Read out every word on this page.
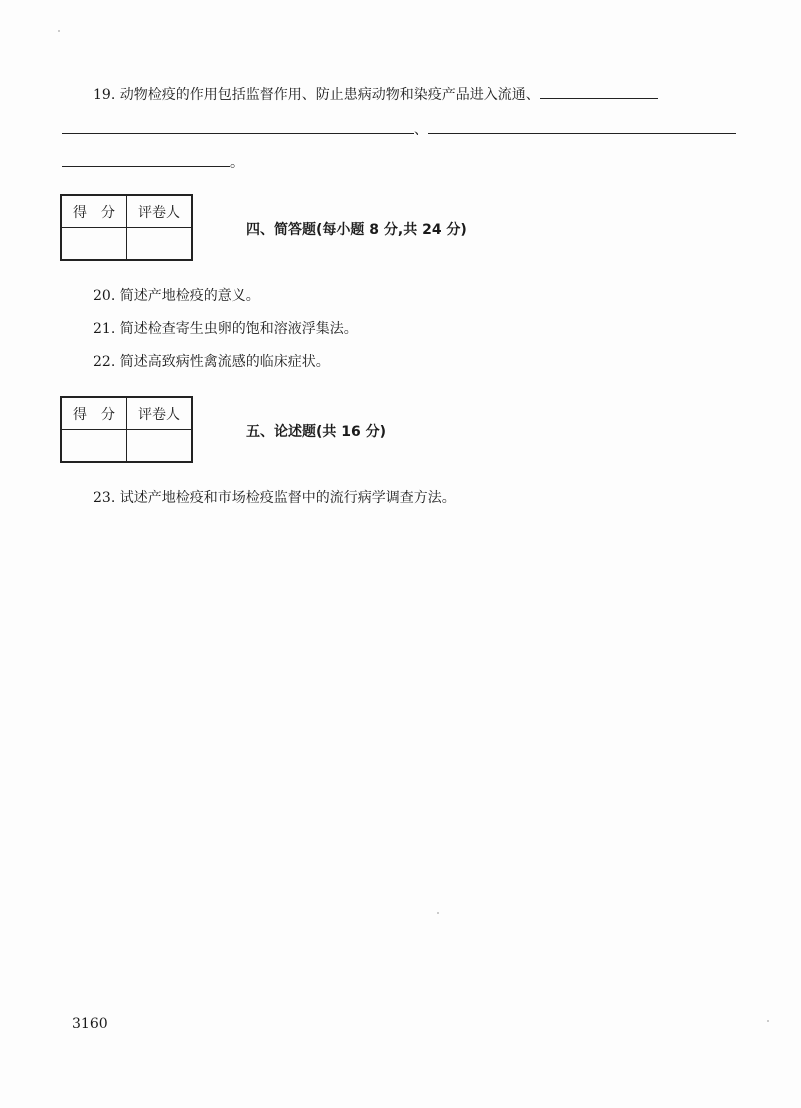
19. 动物检疫的作用包括监督作用、防止患病动物和染疫产品进入流通、
、
。
得　分	评卷人

四、简答题(每小题 8 分,共 24 分)
20. 简述产地检疫的意义。
21. 简述检查寄生虫卵的饱和溶液浮集法。
22. 简述高致病性禽流感的临床症状。
得　分	评卷人

五、论述题(共 16 分)
23. 试述产地检疫和市场检疫监督中的流行病学调查方法。
3160
